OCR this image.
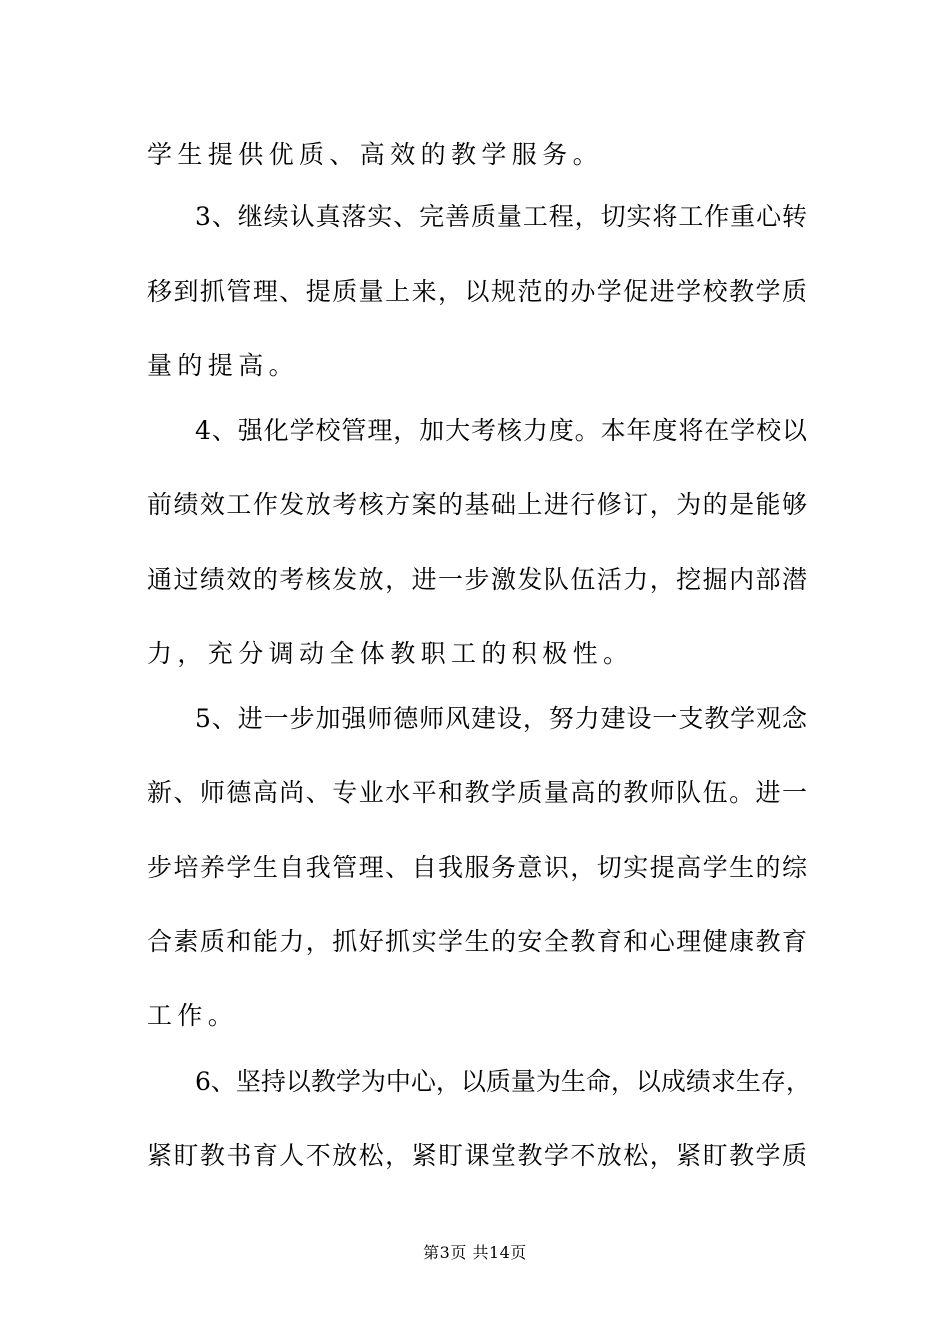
学生提供优质、高效的教学服务。
3、继续认真落实、完善质量工程，切实将工作重心转
移到抓管理、提质量上来，以规范的办学促进学校教学质
量的提高。
4、强化学校管理，加大考核力度。本年度将在学校以
前绩效工作发放考核方案的基础上进行修订，为的是能够
通过绩效的考核发放，进一步激发队伍活力，挖掘内部潜
力，充分调动全体教职工的积极性。
5、进一步加强师德师风建设，努力建设一支教学观念
新、师德高尚、专业水平和教学质量高的教师队伍。进一
步培养学生自我管理、自我服务意识，切实提高学生的综
合素质和能力，抓好抓实学生的安全教育和心理健康教育
工作。
6、坚持以教学为中心，以质量为生命，以成绩求生存，
紧盯教书育人不放松，紧盯课堂教学不放松，紧盯教学质
第3页 共14页
